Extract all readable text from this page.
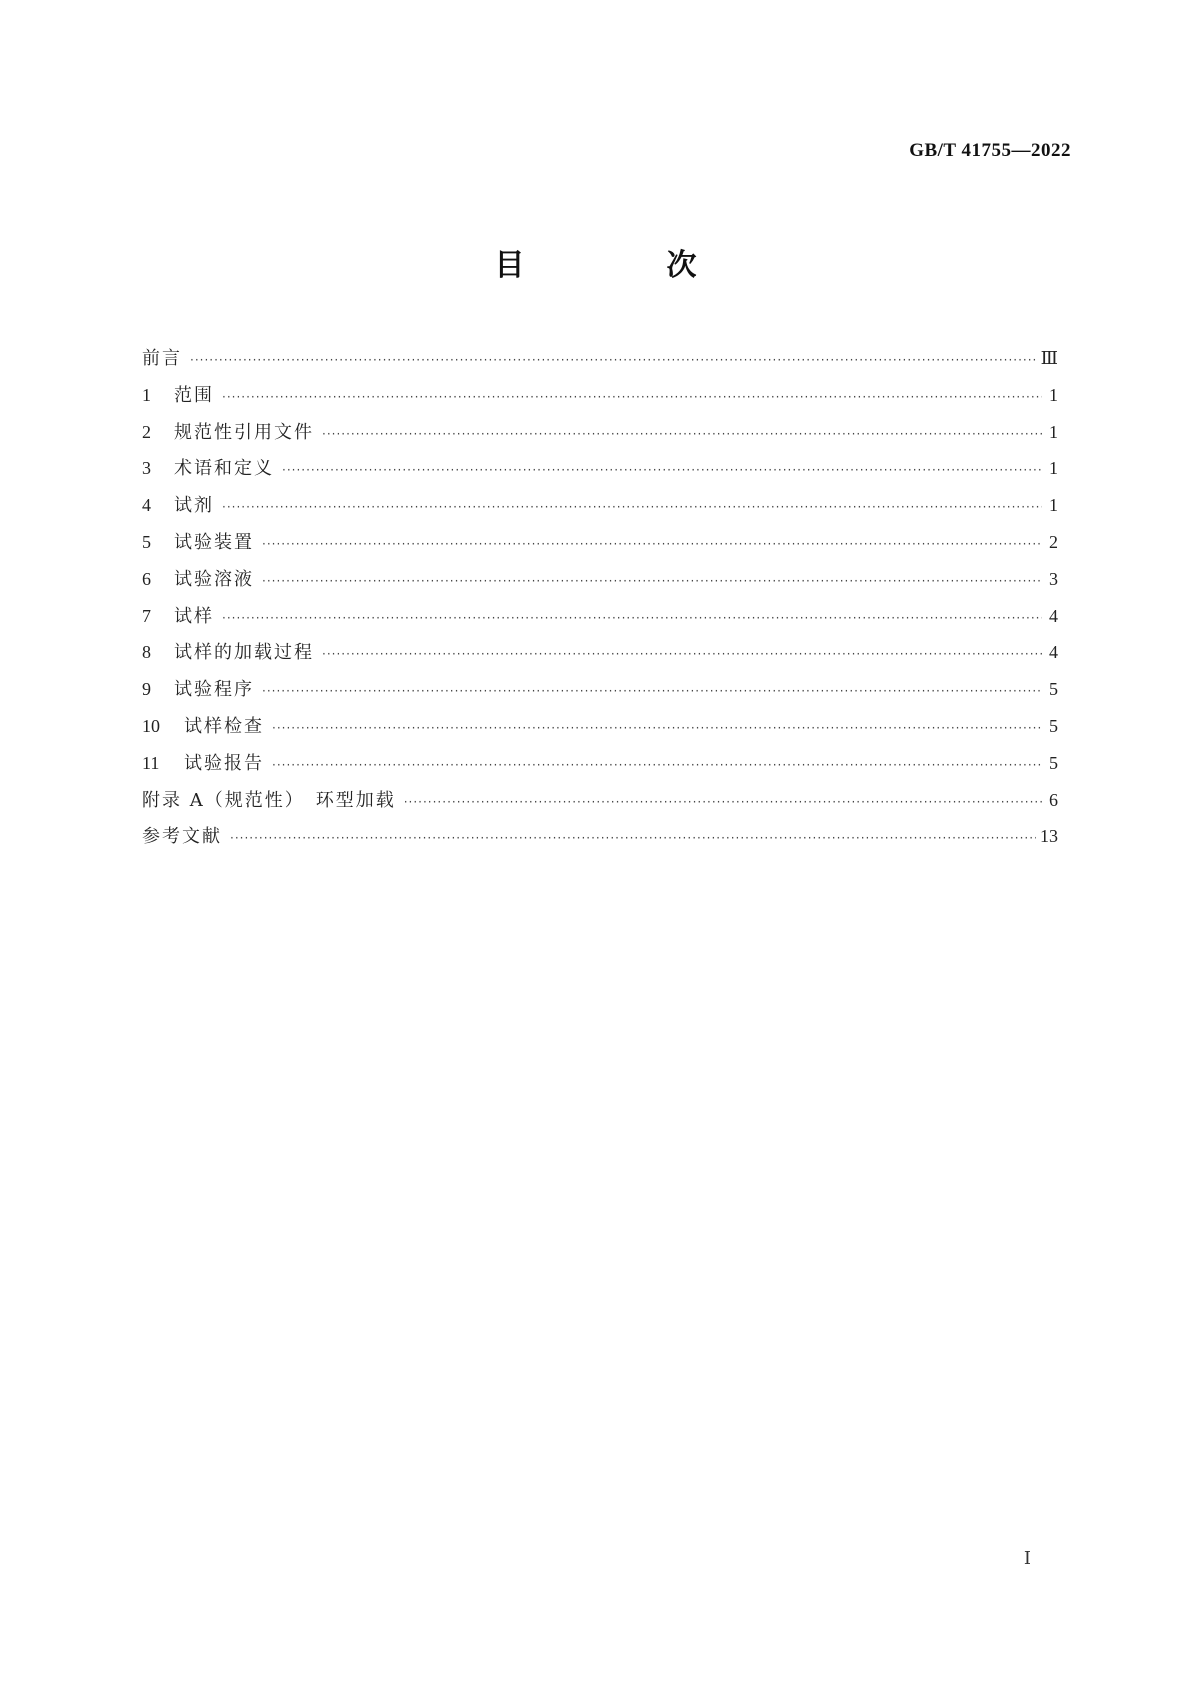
GB/T 41755—2022
目　次
前言 ·····	Ⅲ
1	范围 ·····	1
2	规范性引用文件 ·····	1
3	术语和定义 ·····	1
4	试剂 ·····	1
5	试验装置 ·····	2
6	试验溶液 ·····	3
7	试样 ·····	4
8	试样的加载过程 ·····	4
9	试验程序 ·····	5
10	试样检查 ·····	5
11	试验报告 ·····	5
附录 A（规范性）　环型加载 ·····	6
参考文献 ·····	13
Ⅰ
